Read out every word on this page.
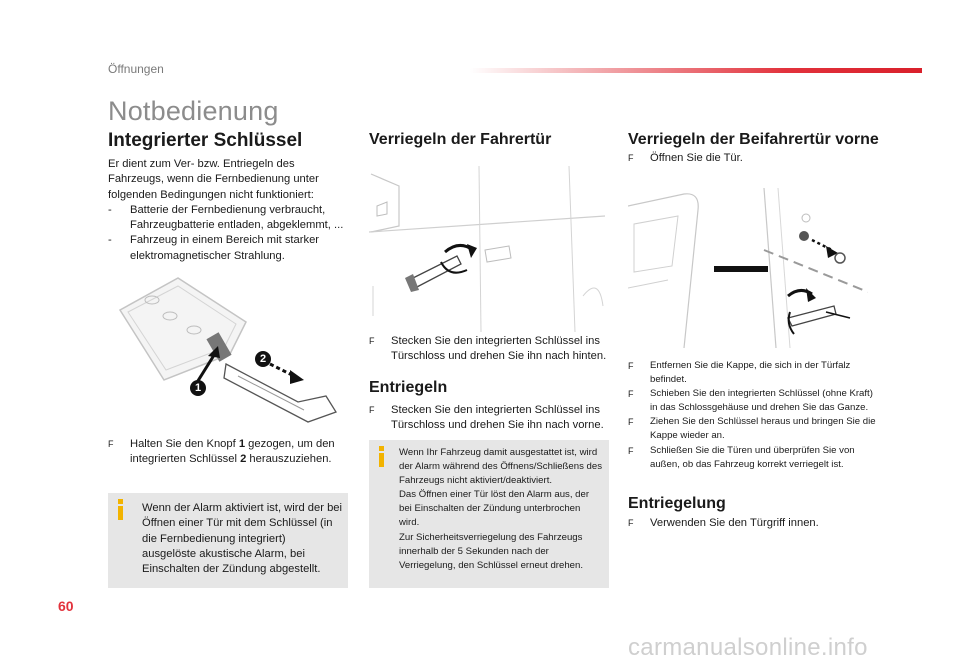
Öffnungen
Notbedienung
Integrierter Schlüssel

Er dient zum Ver- bzw. Entriegeln des Fahrzeugs, wenn die Fernbedienung unter folgenden Bedingungen nicht funktioniert:

-	Batterie der Fernbedienung verbraucht, Fahrzeugbatterie entladen, abgeklemmt, ...
-	Fahrzeug in einem Bereich mit starker elektromagnetischer Strahlung.
1
2
F	Halten Sie den Knopf 1 gezogen, um den integrierten Schlüssel 2 herauszuziehen.

Wenn der Alarm aktiviert ist, wird der bei Öffnen einer Tür mit dem Schlüssel (in die Fernbedienung integriert) ausgelöste akustische Alarm, bei Einschalten der Zündung abgestellt.

Verriegeln der Fahrertür
F	Stecken Sie den integrierten Schlüssel ins Türschloss und drehen Sie ihn nach hinten.

Entriegeln
F	Stecken Sie den integrierten Schlüssel ins Türschloss und drehen Sie ihn nach vorne.

Wenn Ihr Fahrzeug damit ausgestattet ist, wird der Alarm während des Öffnens/Schließens des Fahrzeugs nicht aktiviert/deaktiviert.

Das Öffnen einer Tür löst den Alarm aus, der bei Einschalten der Zündung unterbrochen wird.

Zur Sicherheitsverriegelung des Fahrzeugs innerhalb der 5 Sekunden nach der Verriegelung, den Schlüssel erneut drehen.

Verriegeln der Beifahrertür vorne
F	Öffnen Sie die Tür.

F	Entfernen Sie die Kappe, die sich in der Türfalz befindet.

F	Schieben Sie den integrierten Schlüssel (ohne Kraft) in das Schlossgehäuse und drehen Sie das Ganze.

F	Ziehen Sie den Schlüssel heraus und bringen Sie die Kappe wieder an.

F	Schließen Sie die Türen und überprüfen Sie von außen, ob das Fahrzeug korrekt verriegelt ist.

Entriegelung
F	Verwenden Sie den Türgriff innen.

60
carmanualsonline.info
